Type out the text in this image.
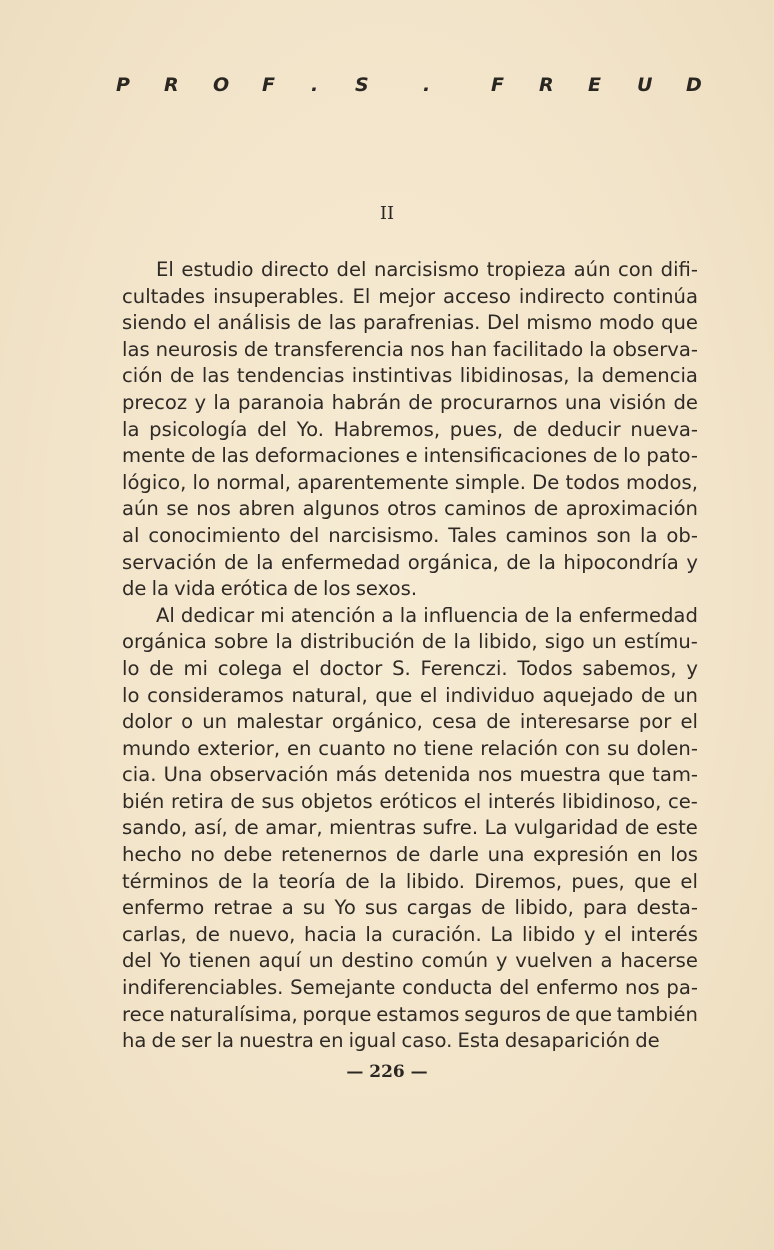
P R O F . S	.	F R E U D
II
El estudio directo del narcisismo tropieza aún con difi-
cultades insuperables. El mejor acceso indirecto continúa
siendo el análisis de las parafrenias. Del mismo modo que
las neurosis de transferencia nos han facilitado la observa-
ción de las tendencias instintivas libidinosas, la demencia
precoz y la paranoia habrán de procurarnos una visión de
la psicología del Yo. Habremos, pues, de deducir nueva-
mente de las deformaciones e intensificaciones de lo pato-
lógico, lo normal, aparentemente simple. De todos modos,
aún se nos abren algunos otros caminos de aproximación
al conocimiento del narcisismo. Tales caminos son la ob-
servación de la enfermedad orgánica, de la hipocondría y
de la vida erótica de los sexos.
Al dedicar mi atención a la influencia de la enfermedad
orgánica sobre la distribución de la libido, sigo un estímu-
lo de mi colega el doctor S. Ferenczi. Todos sabemos, y
lo consideramos natural, que el individuo aquejado de un
dolor o un malestar orgánico, cesa de interesarse por el
mundo exterior, en cuanto no tiene relación con su dolen-
cia. Una observación más detenida nos muestra que tam-
bién retira de sus objetos eróticos el interés libidinoso, ce-
sando, así, de amar, mientras sufre. La vulgaridad de este
hecho no debe retenernos de darle una expresión en los
términos de la teoría de la libido. Diremos, pues, que el
enfermo retrae a su Yo sus cargas de libido, para desta-
carlas, de nuevo, hacia la curación. La libido y el interés
del Yo tienen aquí un destino común y vuelven a hacerse
indiferenciables. Semejante conducta del enfermo nos pa-
rece naturalísima, porque estamos seguros de que también
ha de ser la nuestra en igual caso. Esta desaparición de
— 226 —
